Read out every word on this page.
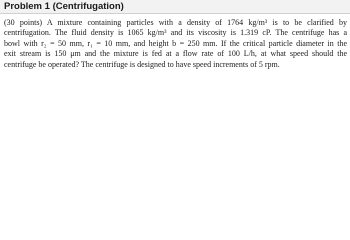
Problem 1 (Centrifugation)
(30 points) A mixture containing particles with a density of 1764 kg/m³ is to be clarified by
centrifugation. The fluid density is 1065 kg/m³ and its viscosity is 1.319 cP. The centrifuge has a
bowl with r₂ = 50 mm, r₁ = 10 mm, and height b = 250 mm. If the critical particle diameter in the
exit stream is 150 μm and the mixture is fed at a flow rate of 100 L/h, at what speed should the
centrifuge be operated? The centrifuge is designed to have speed increments of 5 rpm.
